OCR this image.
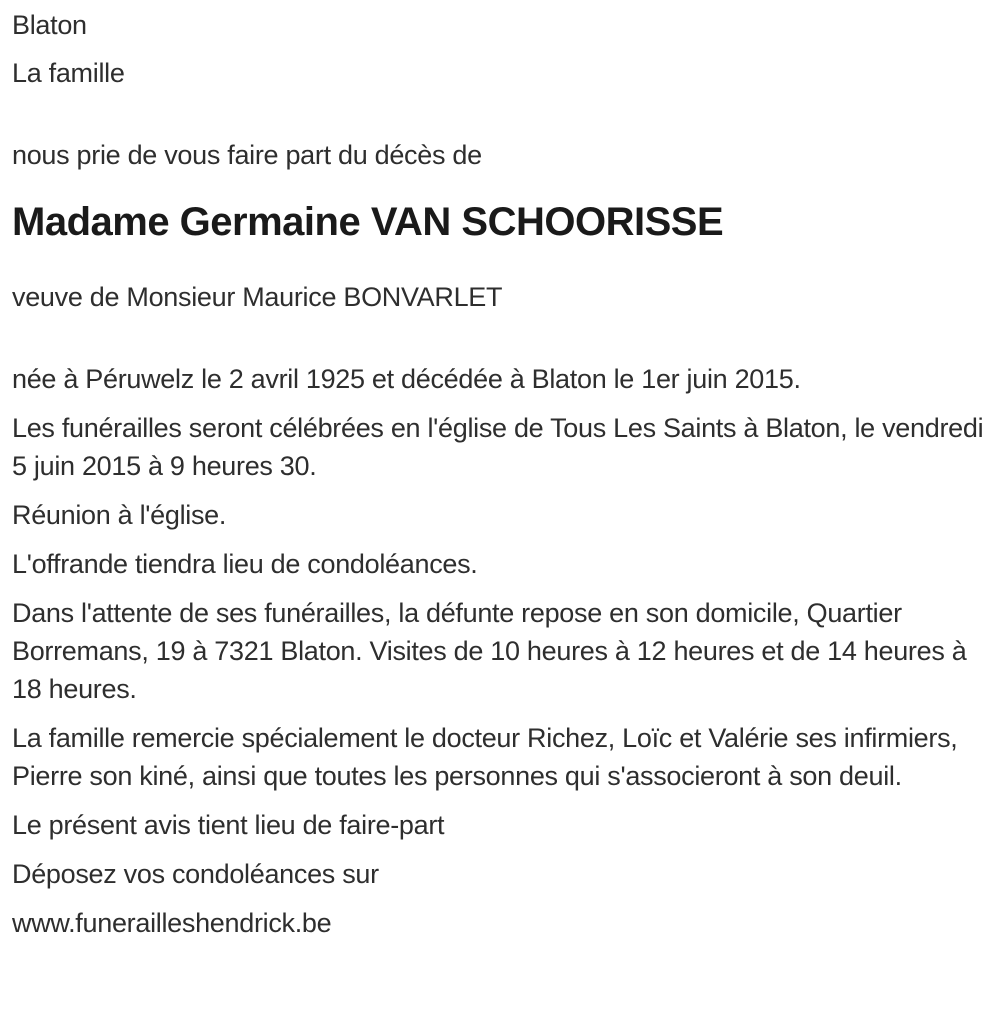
Blaton

La famille

nous prie de vous faire part du décès de

Madame Germaine VAN SCHOORISSE

veuve de Monsieur Maurice BONVARLET

née à Péruwelz le 2 avril 1925 et décédée à Blaton le 1er juin 2015.

Les funérailles seront célébrées en l'église de Tous Les Saints à Blaton, le vendredi 5 juin 2015 à 9 heures 30.

Réunion à l'église.

L'offrande tiendra lieu de condoléances.

Dans l'attente de ses funérailles, la défunte repose en son domicile, Quartier Borremans, 19 à 7321 Blaton. Visites de 10 heures à 12 heures et de 14 heures à 18 heures.

La famille remercie spécialement le docteur Richez, Loïc et Valérie ses infirmiers, Pierre son kiné, ainsi que toutes les personnes qui s'associeront à son deuil.

Le présent avis tient lieu de faire-part

Déposez vos condoléances sur

www.funerailleshendrick.be
